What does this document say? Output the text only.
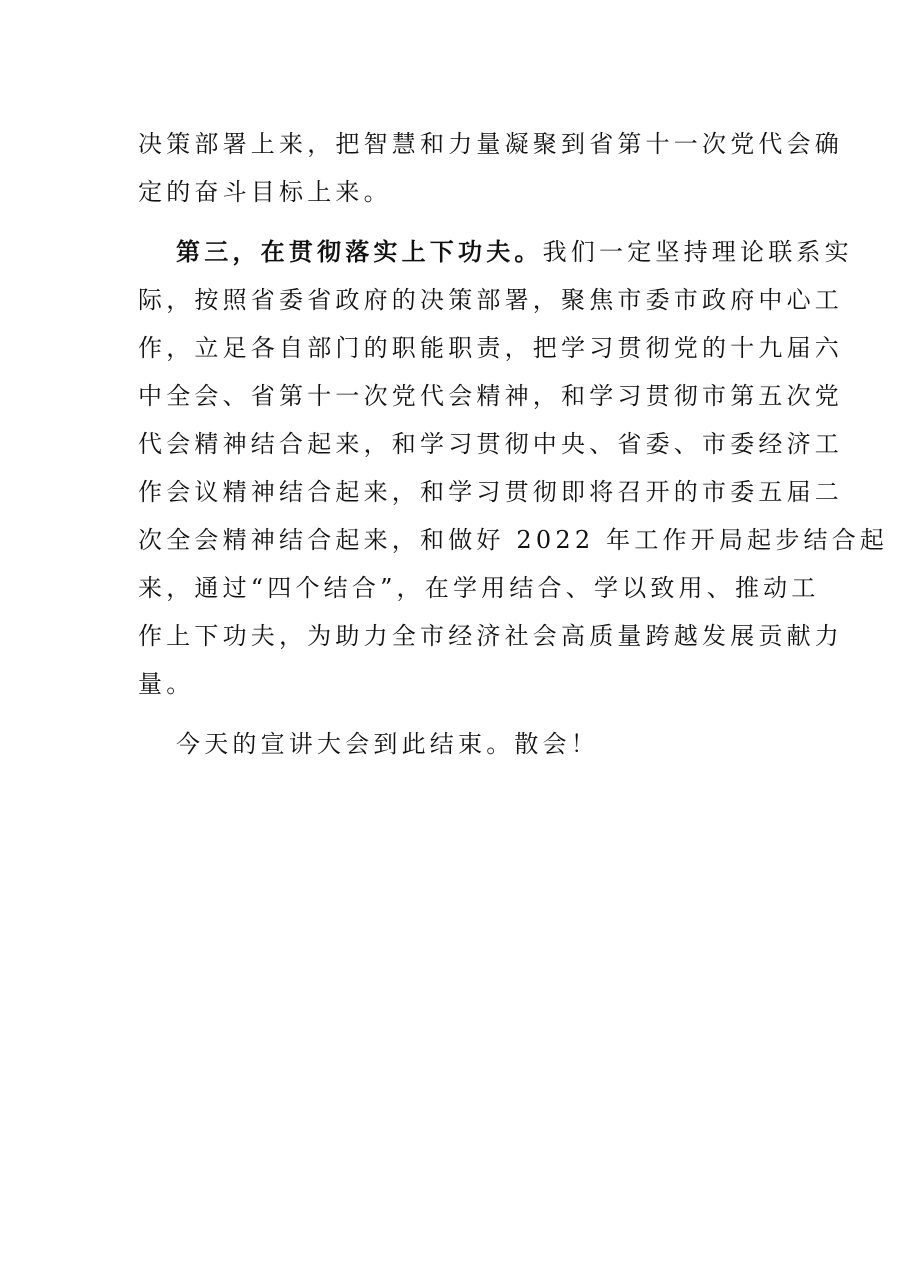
决策部署上来，把智慧和力量凝聚到省第十一次党代会确
定的奋斗目标上来。
第三，在贯彻落实上下功夫。我们一定坚持理论联系实
际，按照省委省政府的决策部署，聚焦市委市政府中心工
作，立足各自部门的职能职责，把学习贯彻党的十九届六
中全会、省第十一次党代会精神，和学习贯彻市第五次党
代会精神结合起来，和学习贯彻中央、省委、市委经济工
作会议精神结合起来，和学习贯彻即将召开的市委五届二
次全会精神结合起来，和做好 2022 年工作开局起步结合起
来，通过“四个结合”，在学用结合、学以致用、推动工
作上下功夫，为助力全市经济社会高质量跨越发展贡献力
量。
今天的宣讲大会到此结束。散会！
